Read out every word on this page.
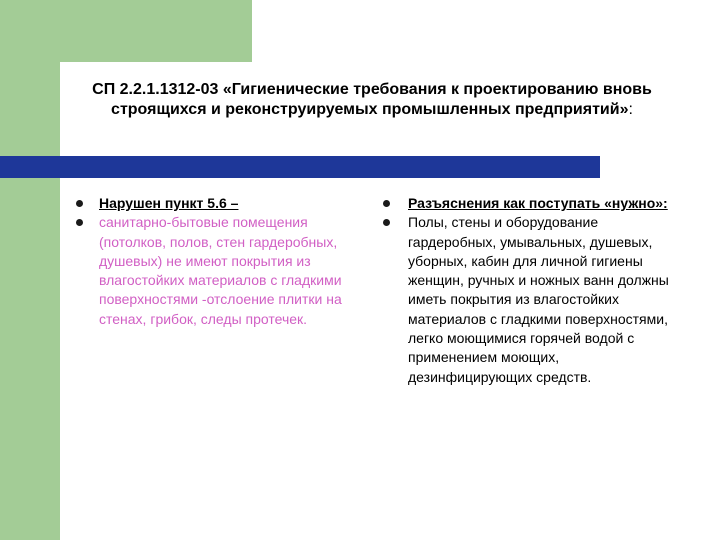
СП 2.2.1.1312-03 «Гигиенические требования к проектированию вновь строящихся и реконструируемых промышленных предприятий»:
Нарушен пункт 5.6 –
санитарно-бытовые помещения (потолков, полов, стен гардеробных, душевых) не имеют покрытия из влагостойких материалов с гладкими поверхностями -отслоение плитки на стенах, грибок, следы протечек.
Разъяснения как поступать «нужно»:
Полы, стены и оборудование гардеробных, умывальных, душевых, уборных, кабин для личной гигиены женщин, ручных и ножных ванн должны иметь покрытия из влагостойких материалов с гладкими поверхностями, легко моющимися горячей водой с применением моющих, дезинфицирующих средств.
